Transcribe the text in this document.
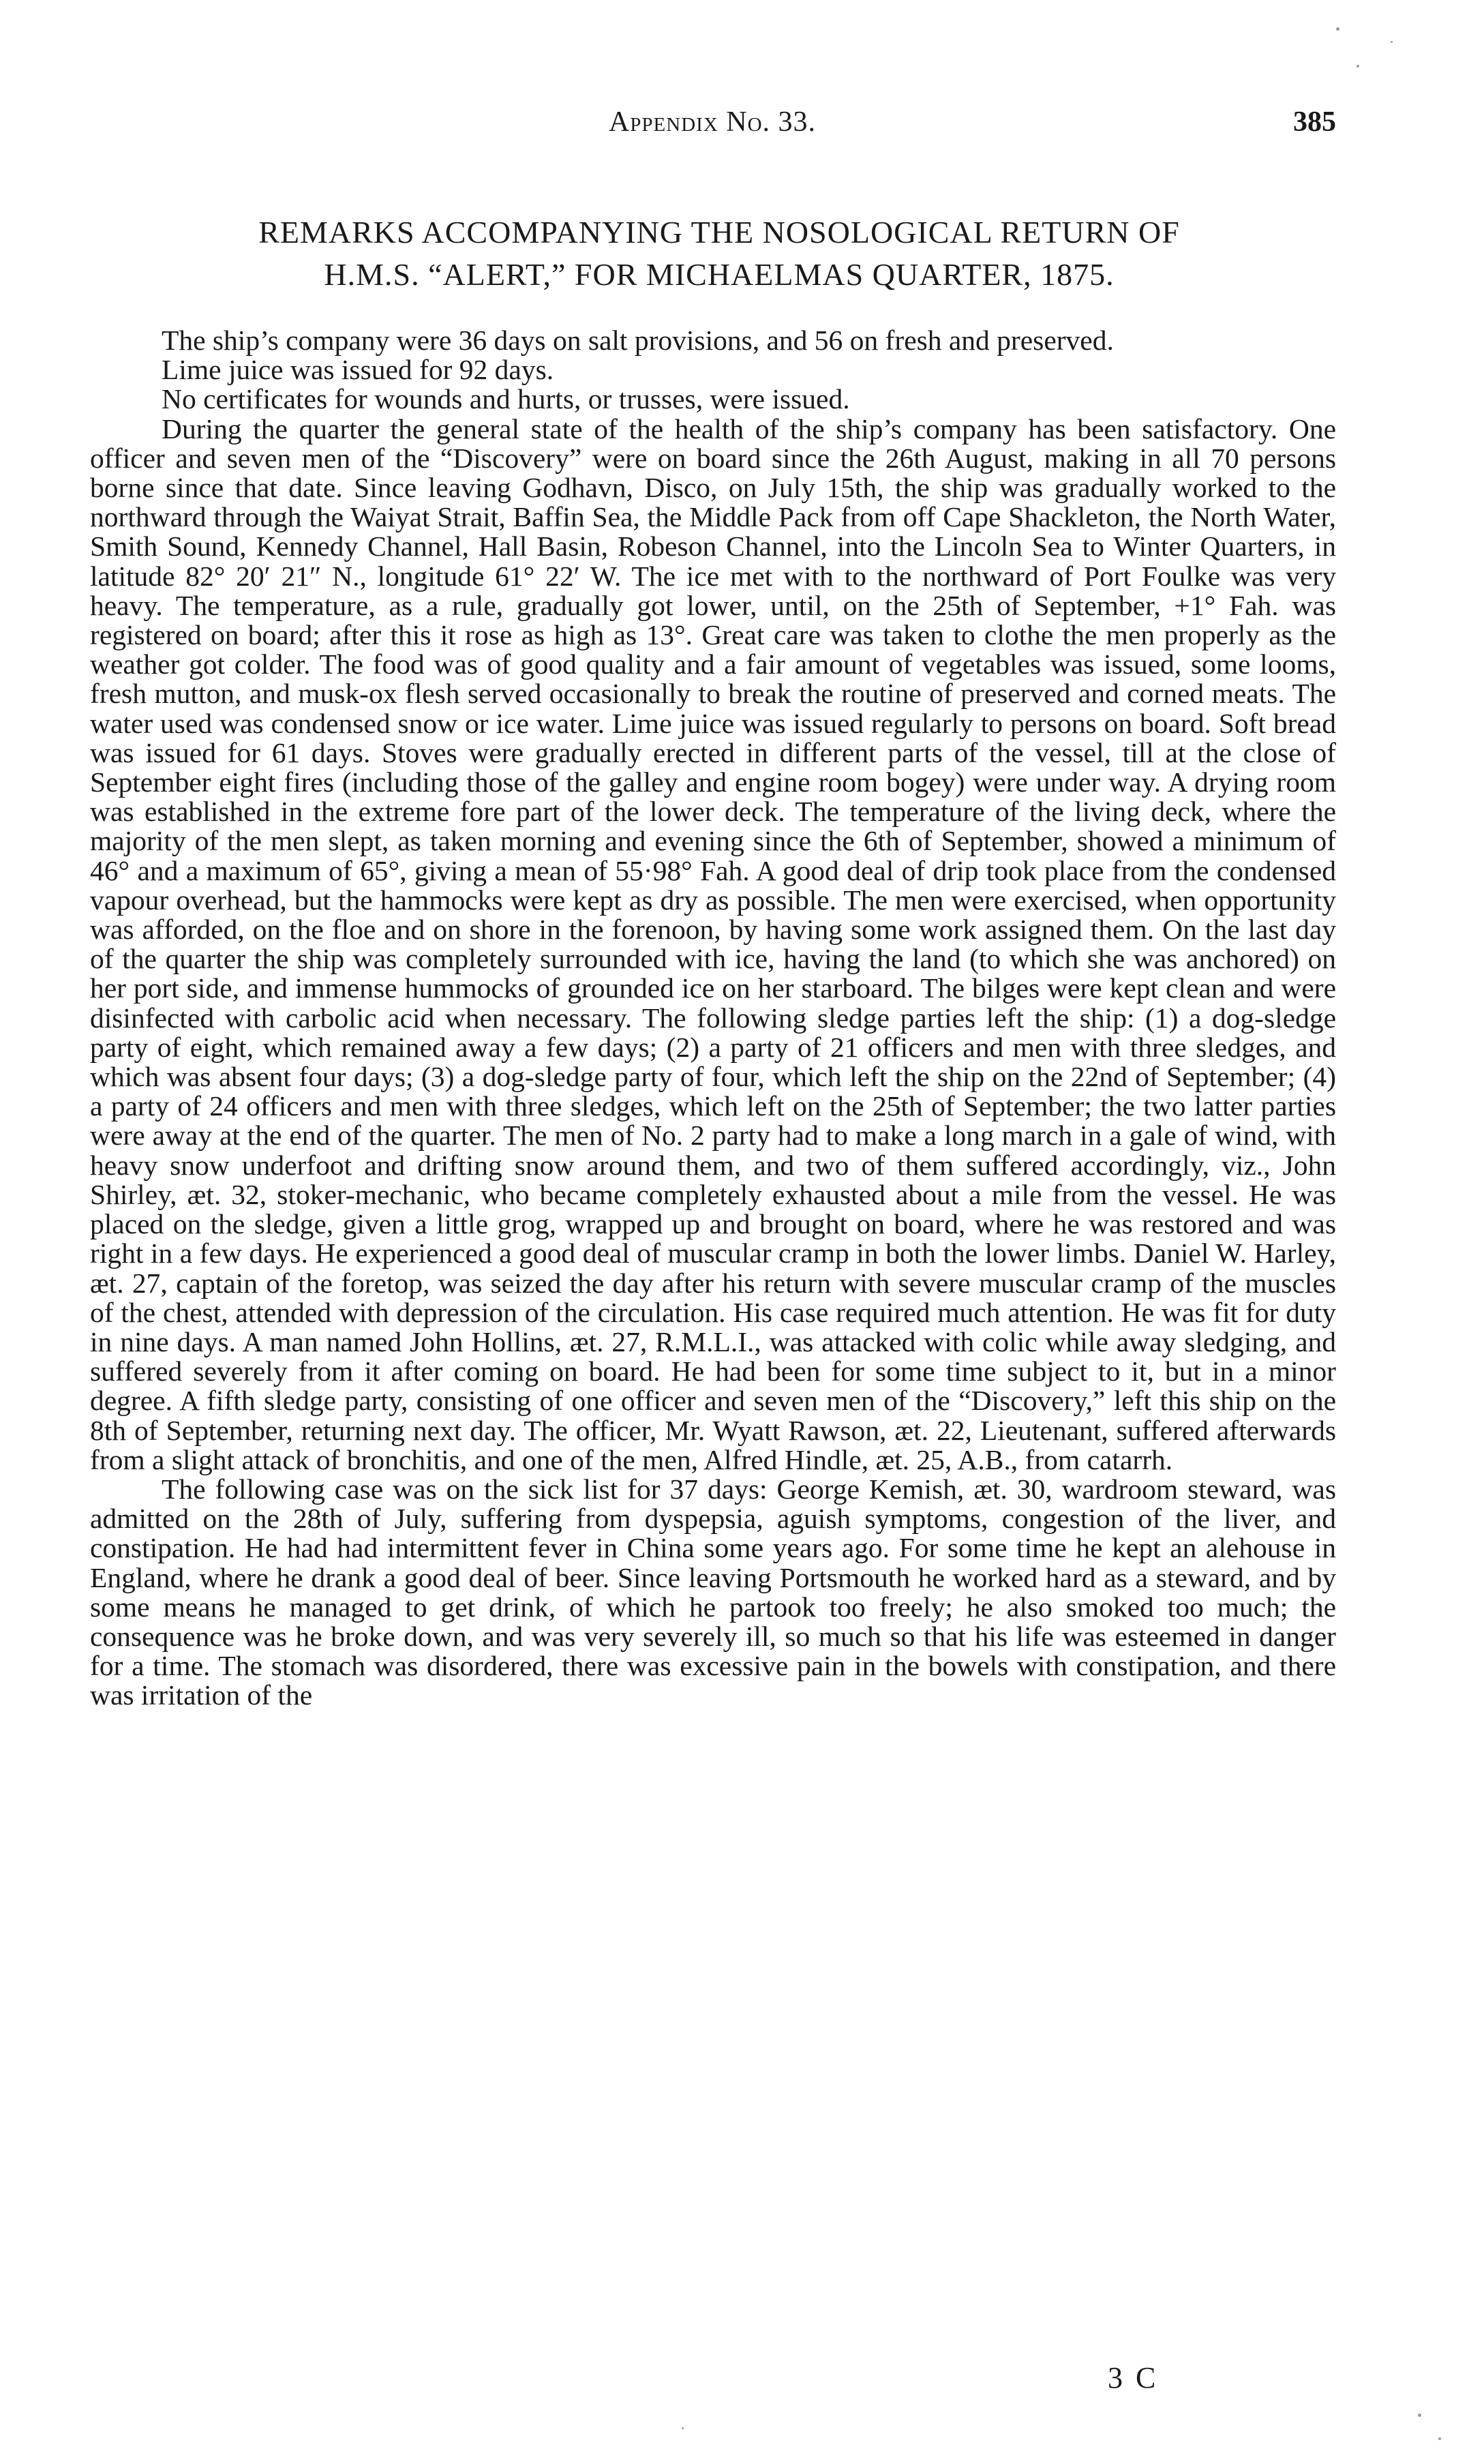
Appendix No. 33.	385
REMARKS ACCOMPANYING THE NOSOLOGICAL RETURN OF
H.M.S. “ALERT,” FOR MICHAELMAS QUARTER, 1875.

The ship’s company were 36 days on salt provisions, and 56 on fresh and preserved.

Lime juice was issued for 92 days.

No certificates for wounds and hurts, or trusses, were issued.

During the quarter the general state of the health of the ship’s company has been satisfactory. One officer and seven men of the “Discovery” were on board since the 26th August, making in all 70 persons borne since that date. Since leaving Godhavn, Disco, on July 15th, the ship was gradually worked to the northward through the Waiyat Strait, Baffin Sea, the Middle Pack from off Cape Shackleton, the North Water, Smith Sound, Kennedy Channel, Hall Basin, Robeson Channel, into the Lincoln Sea to Winter Quarters, in latitude 82° 20′ 21″ N., longitude 61° 22′ W. The ice met with to the northward of Port Foulke was very heavy. The temperature, as a rule, gradually got lower, until, on the 25th of September, +1° Fah. was registered on board; after this it rose as high as 13°. Great care was taken to clothe the men properly as the weather got colder. The food was of good quality and a fair amount of vegetables was issued, some looms, fresh mutton, and musk-ox flesh served occasionally to break the routine of preserved and corned meats. The water used was condensed snow or ice water. Lime juice was issued regularly to persons on board. Soft bread was issued for 61 days. Stoves were gradually erected in different parts of the vessel, till at the close of September eight fires (including those of the galley and engine room bogey) were under way. A drying room was established in the extreme fore part of the lower deck. The temperature of the living deck, where the majority of the men slept, as taken morning and evening since the 6th of September, showed a minimum of 46° and a maximum of 65°, giving a mean of 55·98° Fah. A good deal of drip took place from the condensed vapour overhead, but the hammocks were kept as dry as possible. The men were exercised, when opportunity was afforded, on the floe and on shore in the forenoon, by having some work assigned them. On the last day of the quarter the ship was completely surrounded with ice, having the land (to which she was anchored) on her port side, and immense hummocks of grounded ice on her starboard. The bilges were kept clean and were disinfected with carbolic acid when necessary. The following sledge parties left the ship: (1) a dog-sledge party of eight, which remained away a few days; (2) a party of 21 officers and men with three sledges, and which was absent four days; (3) a dog-sledge party of four, which left the ship on the 22nd of September; (4) a party of 24 officers and men with three sledges, which left on the 25th of September; the two latter parties were away at the end of the quarter. The men of No. 2 party had to make a long march in a gale of wind, with heavy snow underfoot and drifting snow around them, and two of them suffered accordingly, viz., John Shirley, æt. 32, stoker-mechanic, who became completely exhausted about a mile from the vessel. He was placed on the sledge, given a little grog, wrapped up and brought on board, where he was restored and was right in a few days. He experienced a good deal of muscular cramp in both the lower limbs. Daniel W. Harley, æt. 27, captain of the foretop, was seized the day after his return with severe muscular cramp of the muscles of the chest, attended with depression of the circulation. His case required much attention. He was fit for duty in nine days. A man named John Hollins, æt. 27, R.M.L.I., was attacked with colic while away sledging, and suffered severely from it after coming on board. He had been for some time subject to it, but in a minor degree. A fifth sledge party, consisting of one officer and seven men of the “Discovery,” left this ship on the 8th of September, returning next day. The officer, Mr. Wyatt Rawson, æt. 22, Lieutenant, suffered afterwards from a slight attack of bronchitis, and one of the men, Alfred Hindle, æt. 25, A.B., from catarrh.

The following case was on the sick list for 37 days: George Kemish, æt. 30, wardroom steward, was admitted on the 28th of July, suffering from dyspepsia, aguish symptoms, congestion of the liver, and constipation. He had had intermittent fever in China some years ago. For some time he kept an alehouse in England, where he drank a good deal of beer. Since leaving Portsmouth he worked hard as a steward, and by some means he managed to get drink, of which he partook too freely; he also smoked too much; the consequence was he broke down, and was very severely ill, so much so that his life was esteemed in danger for a time. The stomach was disordered, there was excessive pain in the bowels with constipation, and there was irritation of the

3 C
